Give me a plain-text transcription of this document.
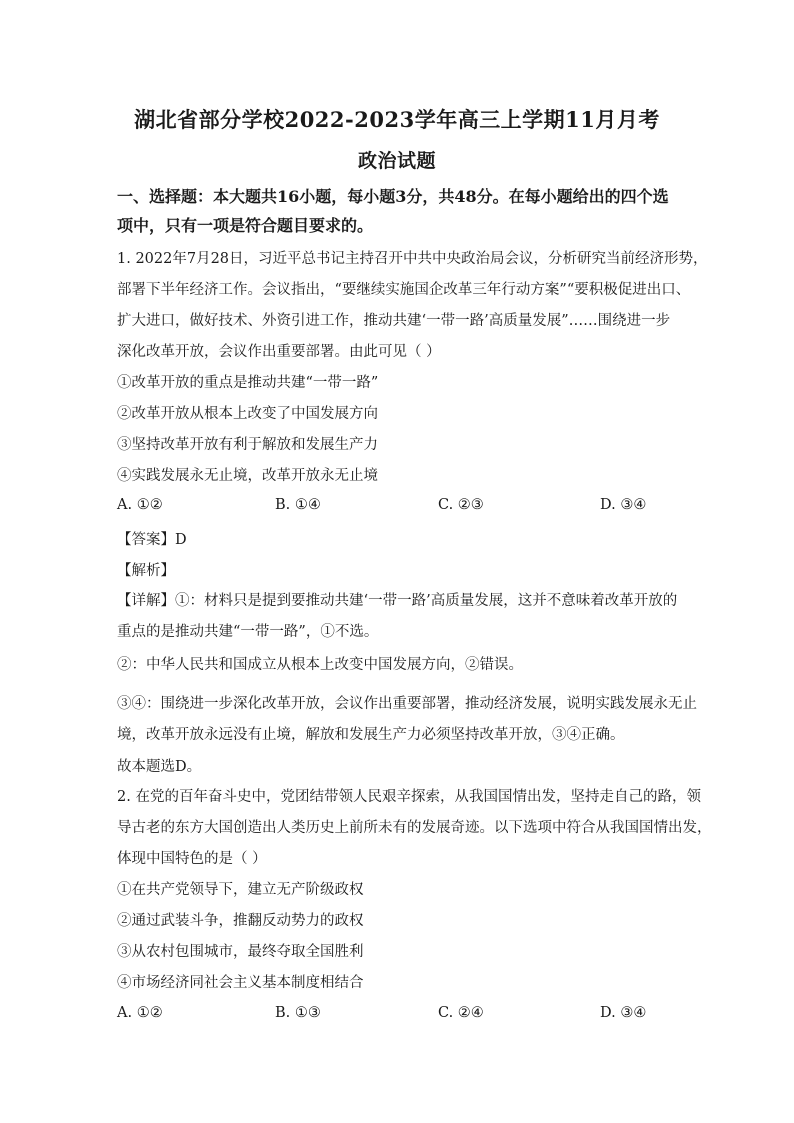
湖北省部分学校2022-2023学年高三上学期11月月考
政治试题
一、选择题：本大题共16小题，每小题3分，共48分。在每小题给出的四个选
项中，只有一项是符合题目要求的。
1. 2022年7月28日，习近平总书记主持召开中共中央政治局会议，分析研究当前经济形势，
部署下半年经济工作。会议指出，“要继续实施国企改革三年行动方案”“要积极促进出口、
扩大进口，做好技术、外资引进工作，推动共建‘一带一路’高质量发展”……围绕进一步
深化改革开放，会议作出重要部署。由此可见（ ）
①改革开放的重点是推动共建“一带一路”
②改革开放从根本上改变了中国发展方向
③坚持改革开放有利于解放和发展生产力
④实践发展永无止境，改革开放永无止境
A. ①②	B. ①④	C. ②③	D. ③④
【答案】D
【解析】
【详解】①：材料只是提到要推动共建‘一带一路’高质量发展，这并不意味着改革开放的
重点的是推动共建“一带一路”，①不选。
②：中华人民共和国成立从根本上改变中国发展方向，②错误。
③④：围绕进一步深化改革开放，会议作出重要部署，推动经济发展，说明实践发展永无止
境，改革开放永远没有止境，解放和发展生产力必须坚持改革开放，③④正确。
故本题选D。
2. 在党的百年奋斗史中，党团结带领人民艰辛探索，从我国国情出发，坚持走自己的路，领
导古老的东方大国创造出人类历史上前所未有的发展奇迹。以下选项中符合从我国国情出发，
体现中国特色的是（ ）
①在共产党领导下，建立无产阶级政权
②通过武装斗争，推翻反动势力的政权
③从农村包围城市，最终夺取全国胜利
④市场经济同社会主义基本制度相结合
A. ①②	B. ①③	C. ②④	D. ③④
